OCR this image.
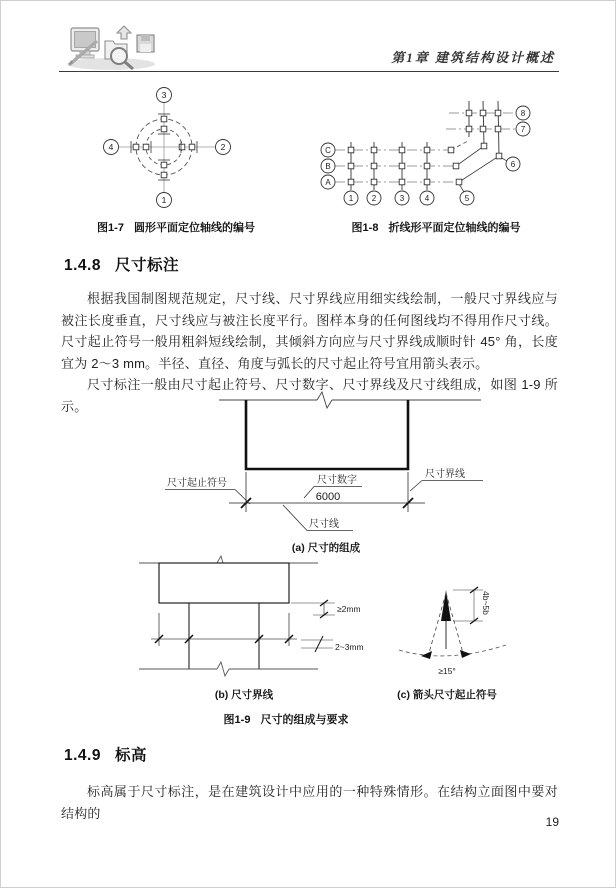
第1章 建筑结构设计概述
3
2
1
4
图1-7 圆形平面定位轴线的编号
C
B
A
1 2	3	4	5
6
7
8
图1-8 折线形平面定位轴线的编号
1.4.8 尺寸标注
根据我国制图规范规定，尺寸线、尺寸界线应用细实线绘制，一般尺寸界线应与被注长度垂直，尺寸线应与被注长度平行。图样本身的任何图线均不得用作尺寸线。尺寸起止符号一般用粗斜短线绘制，其倾斜方向应与尺寸界线成顺时针 45° 角，长度宜为 2～3 mm。半径、直径、角度与弧长的尺寸起止符号宜用箭头表示。
尺寸标注一般由尺寸起止符号、尺寸数字、尺寸界线及尺寸线组成，如图 1-9 所示。
6000
尺寸起止符号	尺寸数字
尺寸界线
尺寸线
(a) 尺寸的组成
≥2mm
2~3mm
(b) 尺寸界线
4b~5b
≥15°
(c) 箭头尺寸起止符号
图1-9 尺寸的组成与要求
1.4.9 标高
标高属于尺寸标注，是在建筑设计中应用的一种特殊情形。在结构立面图中要对结构的
19
